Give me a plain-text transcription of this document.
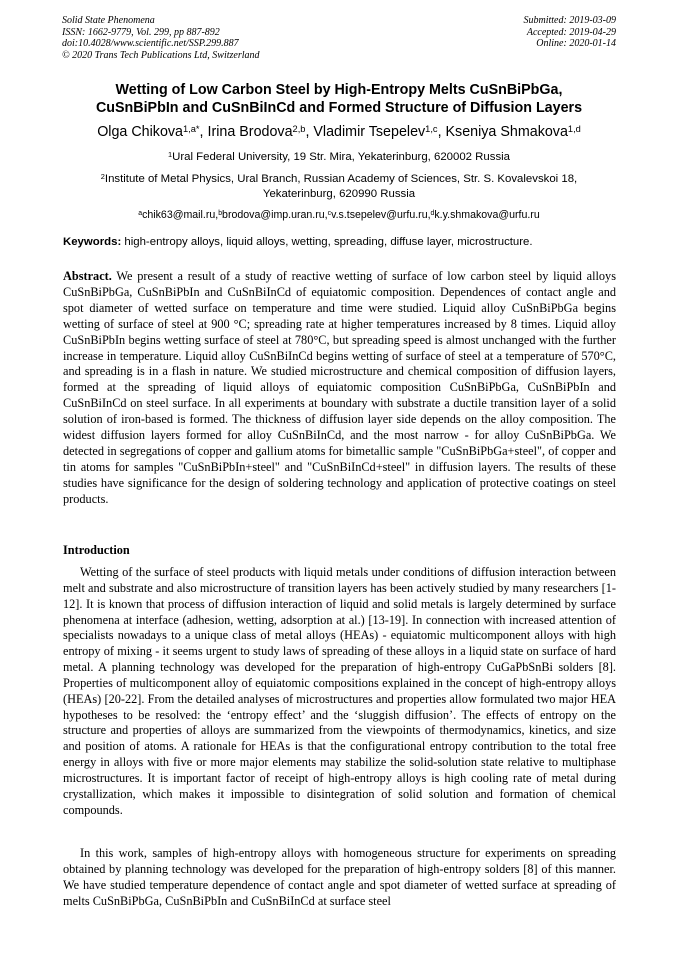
Solid State Phenomena
ISSN: 1662-9779, Vol. 299, pp 887-892
doi:10.4028/www.scientific.net/SSP.299.887
© 2020 Trans Tech Publications Ltd, Switzerland
Submitted: 2019-03-09
Accepted: 2019-04-29
Online: 2020-01-14
Wetting of Low Carbon Steel by High-Entropy Melts CuSnBiPbGa,
CuSnBiPbIn and CuSnBiInCd and Formed Structure of Diffusion Layers
Olga Chikova$^{1,a*}$, Irina Brodova$^{2,b}$, Vladimir Tsepelev$^{1,c}$, Kseniya Shmakova$^{1,d}$
$^1$Ural Federal University, 19 Str. Mira, Yekaterinburg, 620002 Russia
$^2$Institute of Metal Physics, Ural Branch, Russian Academy of Sciences, Str. S. Kovalevskoi 18,
Yekaterinburg, 620990 Russia
$^a$chik63@mail.ru,$^b$brodova@imp.uran.ru,$^c$v.s.tsepelev@urfu.ru,$^d$k.y.shmakova@urfu.ru
Keywords: high-entropy alloys, liquid alloys, wetting, spreading, diffuse layer, microstructure.
Abstract. We present a result of a study of reactive wetting of surface of low carbon steel by liquid alloys CuSnBiPbGa, CuSnBiPbIn and CuSnBiInCd of equiatomic composition. Dependences of contact angle and spot diameter of wetted surface on temperature and time were studied. Liquid alloy CuSnBiPbGa begins wetting of surface of steel at 900 °C; spreading rate at higher temperatures increased by 8 times. Liquid alloy CuSnBiPbIn begins wetting surface of steel at 780°C, but spreading speed is almost unchanged with the further increase in temperature. Liquid alloy CuSnBiInCd begins wetting of surface of steel at a temperature of 570°C, and spreading is in a flash in nature. We studied microstructure and chemical composition of diffusion layers, formed at the spreading of liquid alloys of equiatomic composition CuSnBiPbGa, CuSnBiPbIn and CuSnBiInCd on steel surface. In all experiments at boundary with substrate a ductile transition layer of a solid solution of iron-based is formed. The thickness of diffusion layer side depends on the alloy composition. The widest diffusion layers formed for alloy CuSnBiInCd, and the most narrow - for alloy CuSnBiPbGa. We detected in segregations of copper and gallium atoms for bimetallic sample "CuSnBiPbGa+steel", of copper and tin atoms for samples "CuSnBiPbIn+steel" and "CuSnBiInCd+steel" in diffusion layers. The results of these studies have significance for the design of soldering technology and application of protective coatings on steel products.
Introduction
Wetting of the surface of steel products with liquid metals under conditions of diffusion interaction between melt and substrate and also microstructure of transition layers has been actively studied by many researchers [1-12]. It is known that process of diffusion interaction of liquid and solid metals is largely determined by surface phenomena at interface (adhesion, wetting, adsorption at al.) [13-19]. In connection with increased attention of specialists nowadays to a unique class of metal alloys (HEAs) - equiatomic multicomponent alloys with high entropy of mixing - it seems urgent to study laws of spreading of these alloys in a liquid state on surface of hard metal. A planning technology was developed for the preparation of high-entropy CuGaPbSnBi solders [8]. Properties of multicomponent alloy of equiatomic compositions explained in the concept of high-entropy alloys (HEAs) [20-22]. From the detailed analyses of microstructures and properties allow formulated two major HEA hypotheses to be resolved: the ‘entropy effect’ and the ‘sluggish diffusion’. The effects of entropy on the structure and properties of alloys are summarized from the viewpoints of thermodynamics, kinetics, and size and position of atoms. A rationale for HEAs is that the configurational entropy contribution to the total free energy in alloys with five or more major elements may stabilize the solid-solution state relative to multiphase microstructures. It is important factor of receipt of high-entropy alloys is high cooling rate of metal during crystallization, which makes it impossible to disintegration of solid solution and formation of chemical compounds.
In this work, samples of high-entropy alloys with homogeneous structure for experiments on spreading obtained by planning technology was developed for the preparation of high-entropy solders [8] of this manner. We have studied temperature dependence of contact angle and spot diameter of wetted surface at spreading of melts CuSnBiPbGa, CuSnBiPbIn and CuSnBiInCd at surface steel
